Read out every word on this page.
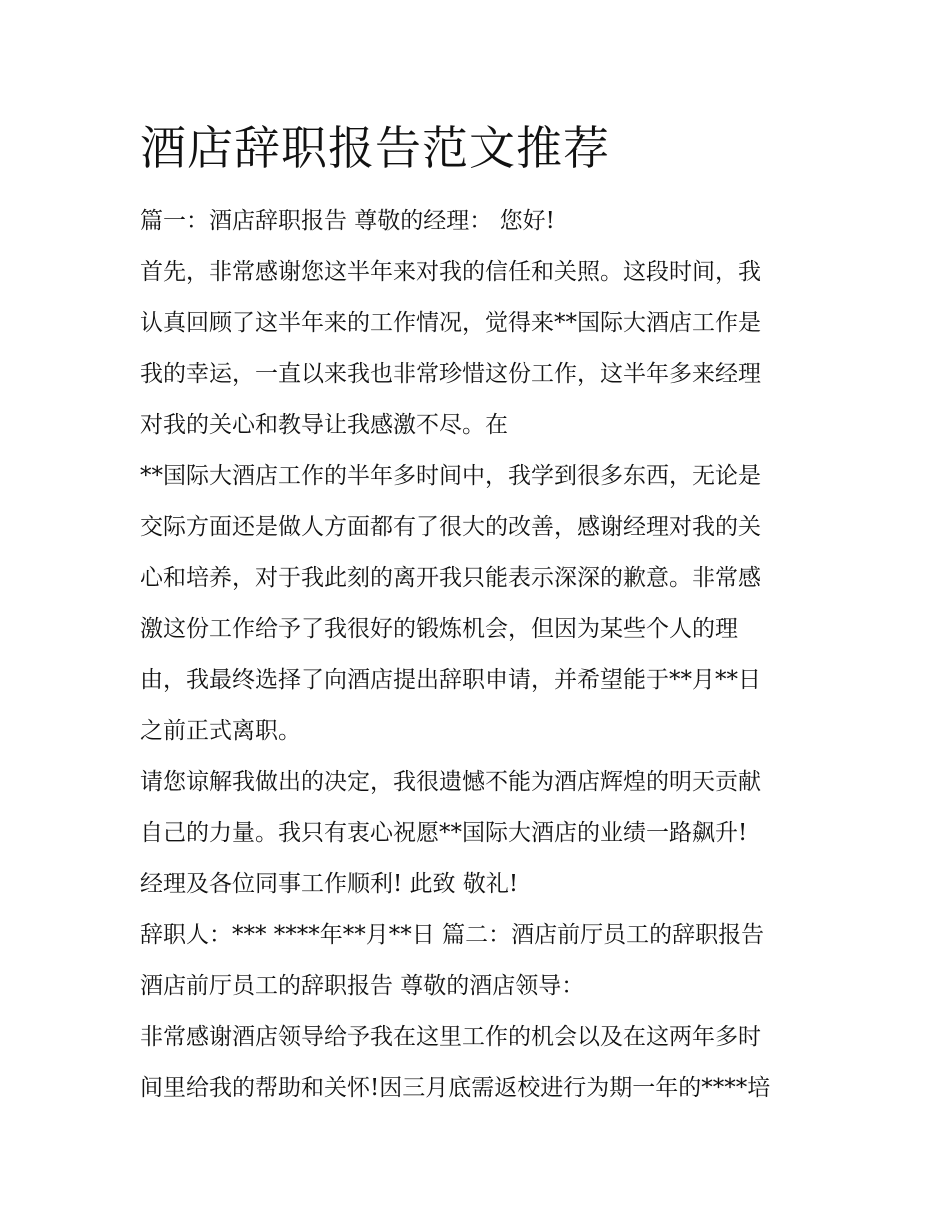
酒店辞职报告范文推荐

篇一：酒店辞职报告 尊敬的经理： 您好!

首先，非常感谢您这半年来对我的信任和关照。这段时间，我

认真回顾了这半年来的工作情况，觉得来**国际大酒店工作是

我的幸运，一直以来我也非常珍惜这份工作，这半年多来经理

对我的关心和教导让我感激不尽。在

**国际大酒店工作的半年多时间中，我学到很多东西，无论是

交际方面还是做人方面都有了很大的改善，感谢经理对我的关

心和培养，对于我此刻的离开我只能表示深深的歉意。非常感

激这份工作给予了我很好的锻炼机会，但因为某些个人的理

由，我最终选择了向酒店提出辞职申请，并希望能于**月**日

之前正式离职。

请您谅解我做出的决定，我很遗憾不能为酒店辉煌的明天贡献

自己的力量。我只有衷心祝愿**国际大酒店的业绩一路飙升!

经理及各位同事工作顺利! 此致 敬礼!

辞职人：*** ****年**月**日 篇二：酒店前厅员工的辞职报告

酒店前厅员工的辞职报告 尊敬的酒店领导：

非常感谢酒店领导给予我在这里工作的机会以及在这两年多时

间里给我的帮助和关怀!因三月底需返校进行为期一年的****培
